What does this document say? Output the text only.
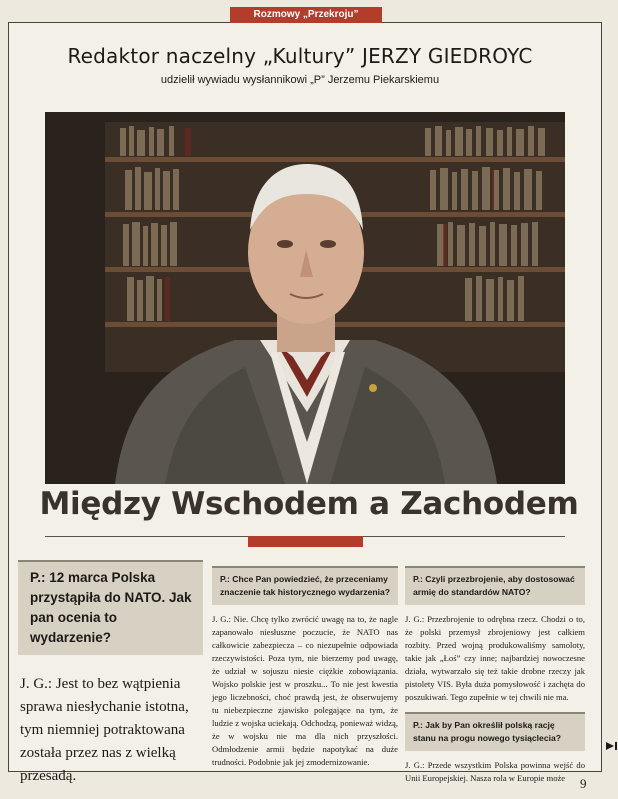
Rozmowy „Przekroju”
Redaktor naczelny „Kultury” JERZY GIEDROYC
udzielił wywiadu wysłannikowi „P” Jerzemu Piekarskiemu
Między Wschodem a Zachodem
P.: 12 marca Polska przystąpiła do NATO. Jak pan ocenia to wydarzenie?
J. G.: Jest to bez wątpienia sprawa niesłychanie istotna, tym niemniej potraktowana została przez nas z wielką przesadą.
P.: Chce Pan powiedzieć, że przeceniamy znaczenie tak historycznego wydarzenia?
J. G.: Nie. Chcę tylko zwrócić uwagę na to, że nagle zapanowało niesłuszne poczucie, że NATO nas całkowicie zabezpiecza – co niezupełnie odpowiada rzeczywistości. Poza tym, nie bierzemy pod uwagę, że udział w sojuszu niesie ciężkie zobowiązania. Wojsko polskie jest w proszku... To nie jest kwestia jego liczebności, choć prawdą jest, że obserwujemy tu niebezpieczne zjawisko polegające na tym, że ludzie z wojska uciekają. Odchodzą, ponieważ widzą, że w wojsku nie ma dla nich przyszłości. Odmłodzenie armii będzie napotykać na duże trudności. Podobnie jak jej zmodernizowanie.
P.: Czyli przezbrojenie, aby dostosować armię do standardów NATO?
J. G.: Przezbrojenie to odrębna rzecz. Chodzi o to, że polski przemysł zbrojeniowy jest całkiem rozbity. Przed wojną produkowaliśmy samoloty, takie jak „Łoś” czy inne; najbardziej nowoczesne działa, wytwarzało się też takie drobne rzeczy jak pistolety VIS. Była duża pomysłowość i zachęta do poszukiwań. Tego zupełnie w tej chwili nie ma.
P.: Jak by Pan określił polską rację stanu na progu nowego tysiąclecia?
J. G.: Przede wszystkim Polska powinna wejść do Unii Europejskiej. Nasza rola w Europie może	9
